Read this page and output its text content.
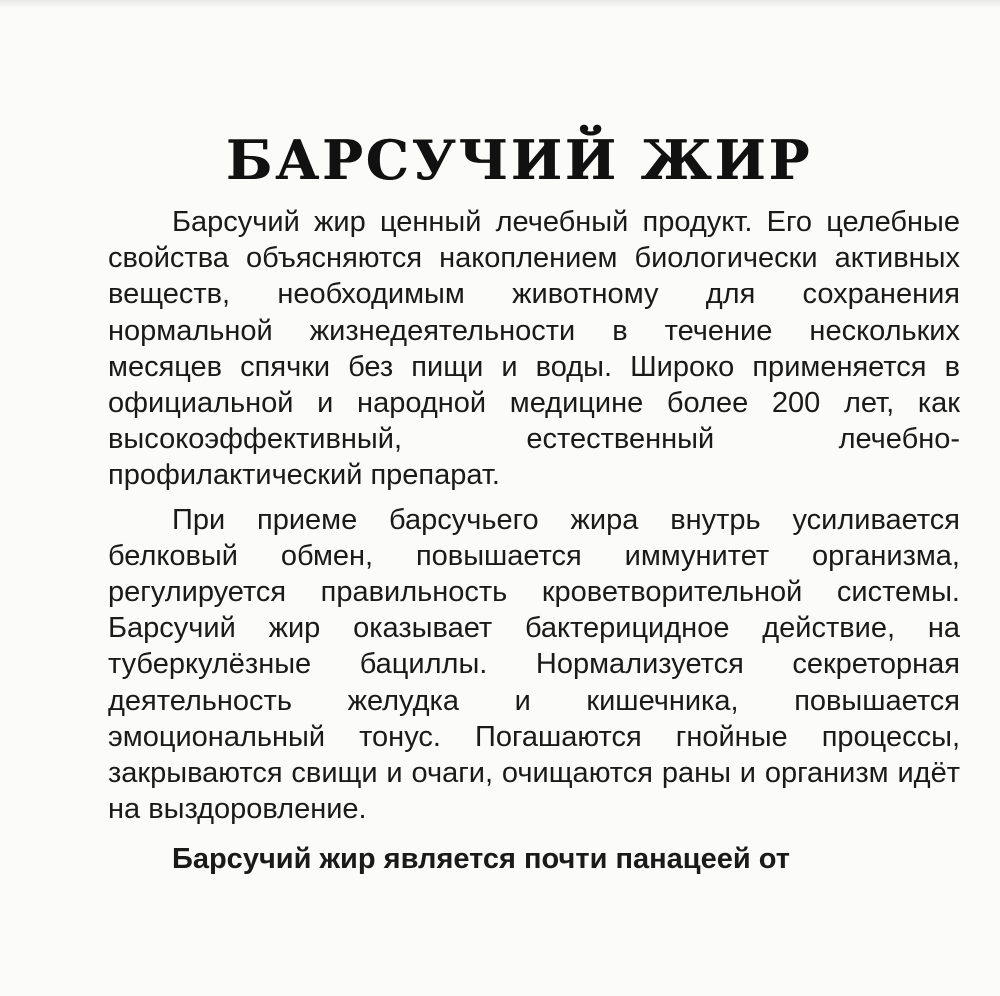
БАРСУЧИЙ ЖИР

Барсучий жир ценный лечебный продукт. Его целебные свойства объясняются накоплением биологически активных веществ, необходимым животному для сохранения нормальной жизнедеятельности в течение нескольких месяцев спячки без пищи и воды. Широко применяется в официальной и народной медицине более 200 лет, как высокоэффективный, естественный лечебно-профилактический препарат.

При приеме барсучьего жира внутрь усиливается белковый обмен, повышается иммунитет организма, регулируется правильность кроветворительной системы. Барсучий жир оказывает бактерицидное действие, на туберкулёзные бациллы. Нормализуется секреторная деятельность желудка и кишечника, повышается эмоциональный тонус. Погашаются гнойные процессы, закрываются свищи и очаги, очищаются раны и организм идёт на выздоровление.

Барсучий жир является почти панацеей от
